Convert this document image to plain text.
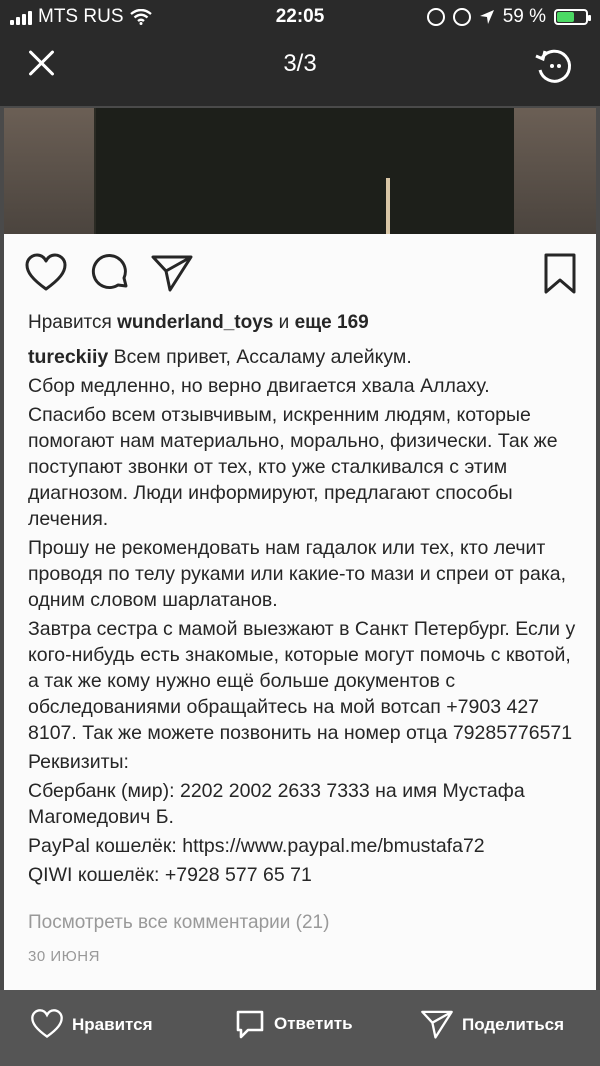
MTS RUS	22:05	59 %
3/3
Нравится wunderland_toys и еще 169

tureckiiy Всем привет, Ассаламу алейкум.

Сбор медленно, но верно двигается хвала Аллаху.

Спасибо всем отзывчивым, искренним людям, которые помогают нам материально, морально, физически. Так же поступают звонки от тех, кто уже сталкивался с этим диагнозом. Люди информируют, предлагают способы лечения.

Прошу не рекомендовать нам гадалок или тех, кто лечит проводя по телу руками или какие-то мази и спреи от рака, одним словом шарлатанов.

Завтра сестра с мамой выезжают в Санкт Петербург. Если у кого-нибудь есть знакомые, которые могут помочь с квотой, а так же кому нужно ещё больше документов с обследованиями обращайтесь на мой вотсап +7903 427 8107. Так же можете позвонить на номер отца 79285776571

Реквизиты:

Сбербанк (мир): 2202 2002 2633 7333 на имя Мустафа Магомедович Б.

PayPal кошелёк: https://www.paypal.me/bmustafa72

QIWI кошелёк: +7928 577 65 71

Посмотреть все комментарии (21)
30 ИЮНЯ
Нравится	Ответить	Поделиться
